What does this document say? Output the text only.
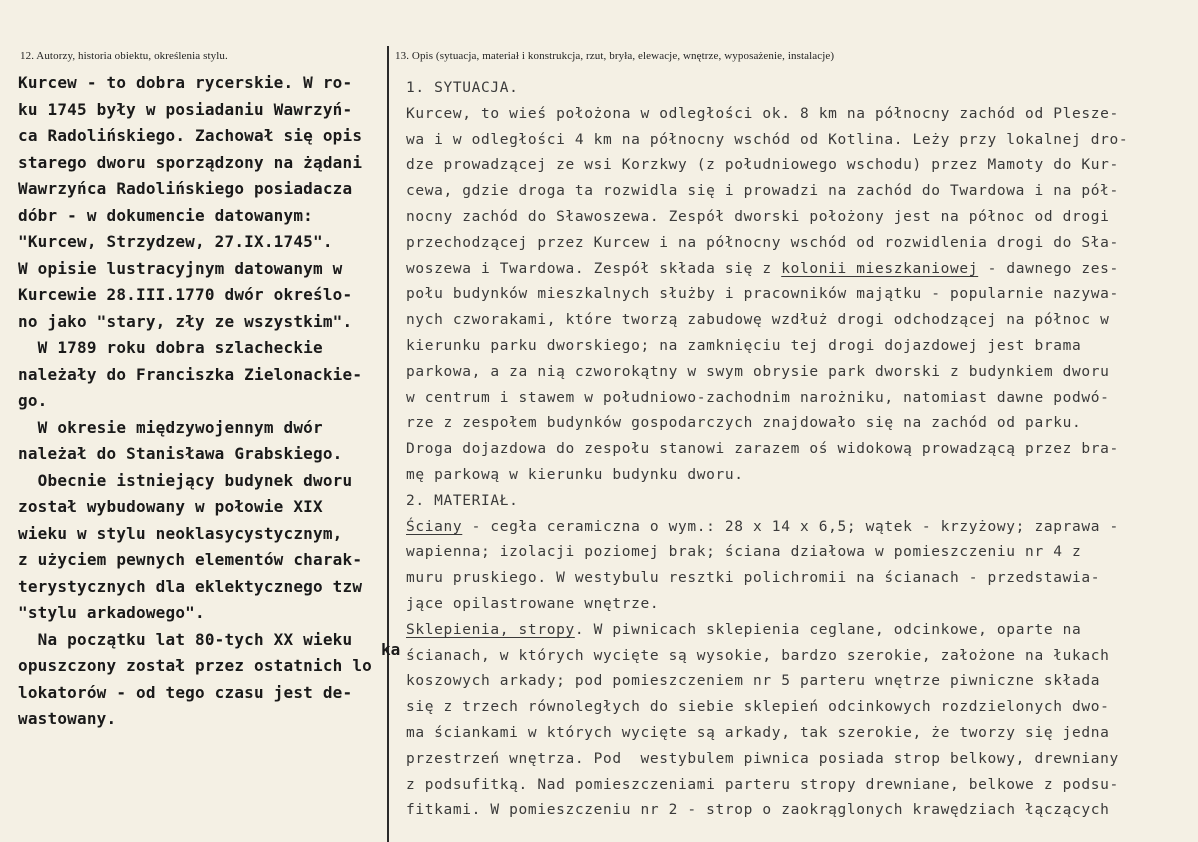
12. Autorzy, historia obiektu, określenia stylu.	13. Opis (sytuacja, materiał i konstrukcja, rzut, bryła, elewacje, wnętrze, wyposażenie, instalacje)
Kurcew - to dobra rycerskie. W ro-
ku 1745 były w posiadaniu Wawrzyń-
ca Radolińskiego. Zachował się opis
starego dworu sporządzony na żądani
Wawrzyńca Radolińskiego posiadacza
dóbr - w dokumencie datowanym:
"Kurcew, Strzydzew, 27.IX.1745".
W opisie lustracyjnym datowanym w
Kurcewie 28.III.1770 dwór określo-
no jako "stary, zły ze wszystkim".
W 1789 roku dobra szlacheckie
należały do Franciszka Zielonackie-
go.
W okresie międzywojennym dwór
należał do Stanisława Grabskiego.
Obecnie istniejący budynek dworu
został wybudowany w połowie XIX
wieku w stylu neoklasycystycznym,
z użyciem pewnych elementów charak-
terystycznych dla eklektycznego tzw
"stylu arkadowego".
Na początku lat 80-tych XX wieku
opuszczony został przez ostatnich lo
lokatorów - od tego czasu jest de-
wastowany.
ka
1. SYTUACJA.
Kurcew, to wieś położona w odległości ok. 8 km na północny zachód od Plesze-
wa i w odległości 4 km na północny wschód od Kotlina. Leży przy lokalnej dro-
dze prowadzącej ze wsi Korzkwy (z południowego wschodu) przez Mamoty do Kur-
cewa, gdzie droga ta rozwidla się i prowadzi na zachód do Twardowa i na pół-
nocny zachód do Sławoszewa. Zespół dworski położony jest na północ od drogi
przechodzącej przez Kurcew i na północny wschód od rozwidlenia drogi do Sła-
woszewa i Twardowa. Zespół składa się z kolonii mieszkaniowej - dawnego zes-
połu budynków mieszkalnych służby i pracowników majątku - popularnie nazywa-
nych czworakami, które tworzą zabudowę wzdłuż drogi odchodzącej na północ w
kierunku parku dworskiego; na zamknięciu tej drogi dojazdowej jest brama
parkowa, a za nią czworokątny w swym obrysie park dworski z budynkiem dworu
w centrum i stawem w południowo-zachodnim narożniku, natomiast dawne podwó-
rze z zespołem budynków gospodarczych znajdowało się na zachód od parku.
Droga dojazdowa do zespołu stanowi zarazem oś widokową prowadzącą przez bra-
mę parkową w kierunku budynku dworu.
2. MATERIAŁ.
Ściany - cegła ceramiczna o wym.: 28 x 14 x 6,5; wątek - krzyżowy; zaprawa -
wapienna; izolacji poziomej brak; ściana działowa w pomieszczeniu nr 4 z
muru pruskiego. W westybulu resztki polichromii na ścianach - przedstawia-
jące opilastrowane wnętrze.
Sklepienia, stropy. W piwnicach sklepienia ceglane, odcinkowe, oparte na
ścianach, w których wycięte są wysokie, bardzo szerokie, założone na łukach
koszowych arkady; pod pomieszczeniem nr 5 parteru wnętrze piwniczne składa
się z trzech równoległych do siebie sklepień odcinkowych rozdzielonych dwo-
ma ściankami w których wycięte są arkady, tak szerokie, że tworzy się jedna
przestrzeń wnętrza. Pod  westybulem piwnica posiada strop belkowy, drewniany
z podsufitką. Nad pomieszczeniami parteru stropy drewniane, belkowe z podsu-
fitkami. W pomieszczeniu nr 2 - strop o zaokrąglonych krawędziach łączących
